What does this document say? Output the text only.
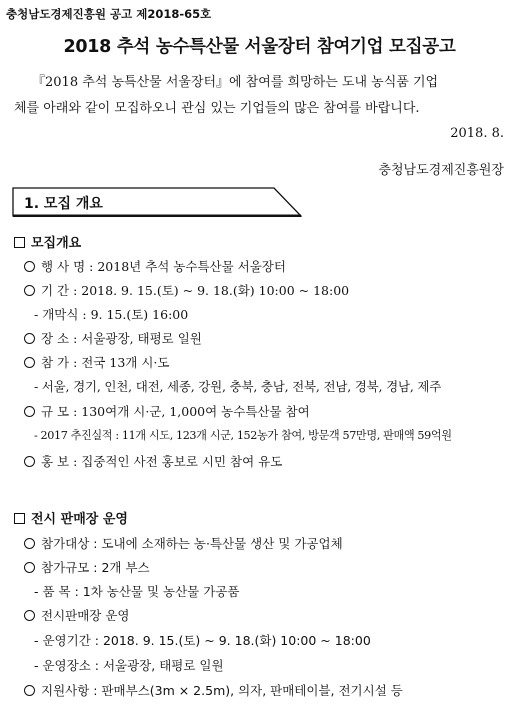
충청남도경제진흥원 공고 제2018-65호
2018 추석 농수특산물 서울장터 참여기업 모집공고
『2018 추석 농특산물 서울장터』에 참여를 희망하는 도내 농식품 기업
체를 아래와 같이 모집하오니 관심 있는 기업들의 많은 참여를 바랍니다.
2018. 8.
충청남도경제진흥원장
1. 모집 개요
모집개요
행 사 명 : 2018년 추석 농수특산물 서울장터
기 간 : 2018. 9. 15.(토) ~ 9. 18.(화) 10:00 ~ 18:00
- 개막식 : 9. 15.(토) 16:00
장 소 : 서울광장, 태평로 일원
참 가 : 전국 13개 시·도
- 서울, 경기, 인천, 대전, 세종, 강원, 충북, 충남, 전북, 전남, 경북, 경남, 제주
규 모 : 130여개 시·군, 1,000여 농수특산물 참여
- 2017 추진실적 : 11개 시도, 123개 시군, 152농가 참여, 방문객 57만명, 판매액 59억원
홍 보 : 집중적인 사전 홍보로 시민 참여 유도
전시 판매장 운영
참가대상 : 도내에 소재하는 농·특산물 생산 및 가공업체
참가규모 : 2개 부스
- 품 목 : 1차 농산물 및 농산물 가공품
전시판매장 운영
- 운영기간 : 2018. 9. 15.(토) ~ 9. 18.(화) 10:00 ~ 18:00
- 운영장소 : 서울광장, 태평로 일원
지원사항 : 판매부스(3m × 2.5m), 의자, 판매테이블, 전기시설 등
